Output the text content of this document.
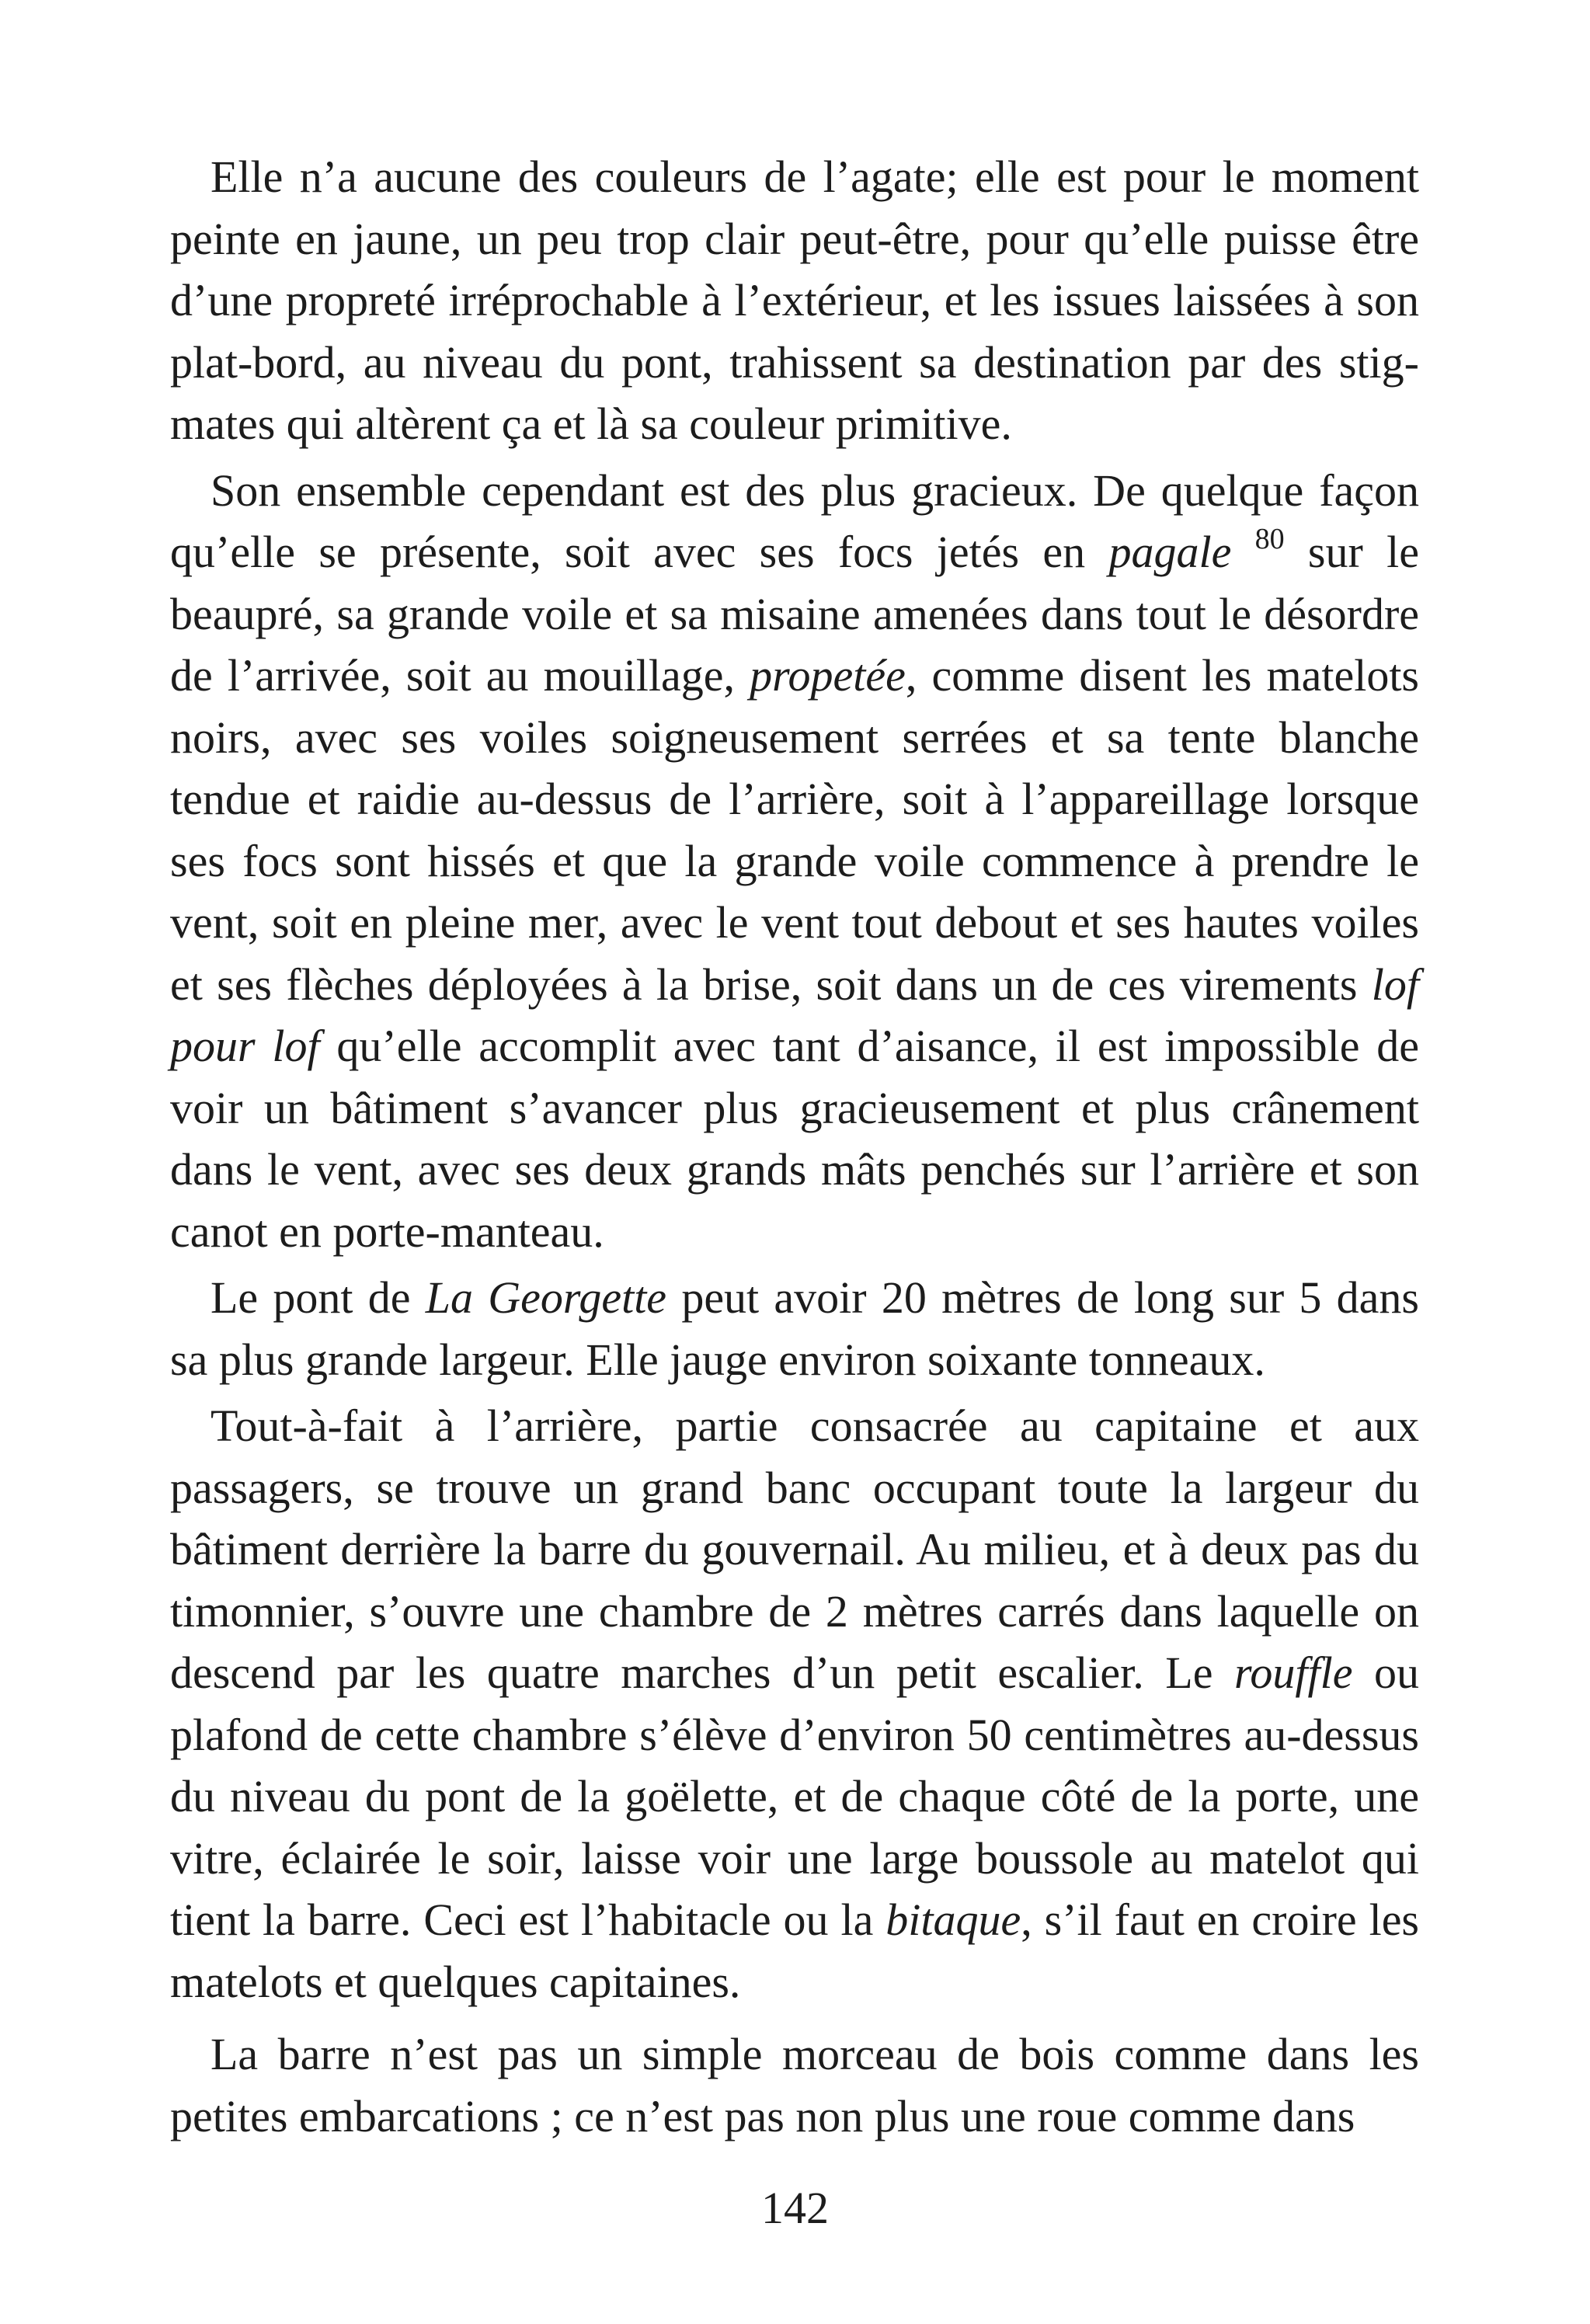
Elle n’a aucune des couleurs de l’agate; elle est pour le moment peinte en jaune, un peu trop clair peut-être, pour qu’elle puisse être d’une propreté irréprochable à l’extérieur, et les issues laissées à son plat-bord, au niveau du pont, trahissent sa destination par des stigmates qui altèrent ça et là sa couleur primitive.

Son ensemble cependant est des plus gracieux. De quelque façon qu’elle se présente, soit avec ses focs jetés en pagale $^{80}$ sur le beaupré, sa grande voile et sa misaine amenées dans tout le désordre de l’arrivée, soit au mouillage, propetée, comme disent les matelots noirs, avec ses voiles soigneusement serrées et sa tente blanche tendue et raidie au-dessus de l’arrière, soit à l’appareillage lorsque ses focs sont hissés et que la grande voile commence à prendre le vent, soit en pleine mer, avec le vent tout debout et ses hautes voiles et ses flèches déployées à la brise, soit dans un de ces virements lof pour lof qu’elle accomplit avec tant d’aisance, il est impossible de voir un bâtiment s’avancer plus gracieusement et plus crânement dans le vent, avec ses deux grands mâts penchés sur l’arrière et son canot en porte-manteau.

Le pont de La Georgette peut avoir 20 mètres de long sur 5 dans sa plus grande largeur. Elle jauge environ soixante tonneaux.

Tout-à-fait à l’arrière, partie consacrée au capitaine et aux passagers, se trouve un grand banc occupant toute la largeur du bâtiment derrière la barre du gouvernail. Au milieu, et à deux pas du timonnier, s’ouvre une chambre de 2 mètres carrés dans laquelle on descend par les quatre marches d’un petit escalier. Le rouffle ou plafond de cette chambre s’élève d’environ 50 centimètres au-dessus du niveau du pont de la goëlette, et de chaque côté de la porte, une vitre, éclairée le soir, laisse voir une large boussole au matelot qui tient la barre. Ceci est l’habitacle ou la bitaque, s’il faut en croire les matelots et quelques capitaines.

La barre n’est pas un simple morceau de bois comme dans les petites embarcations ; ce n’est pas non plus une roue comme dans

142
